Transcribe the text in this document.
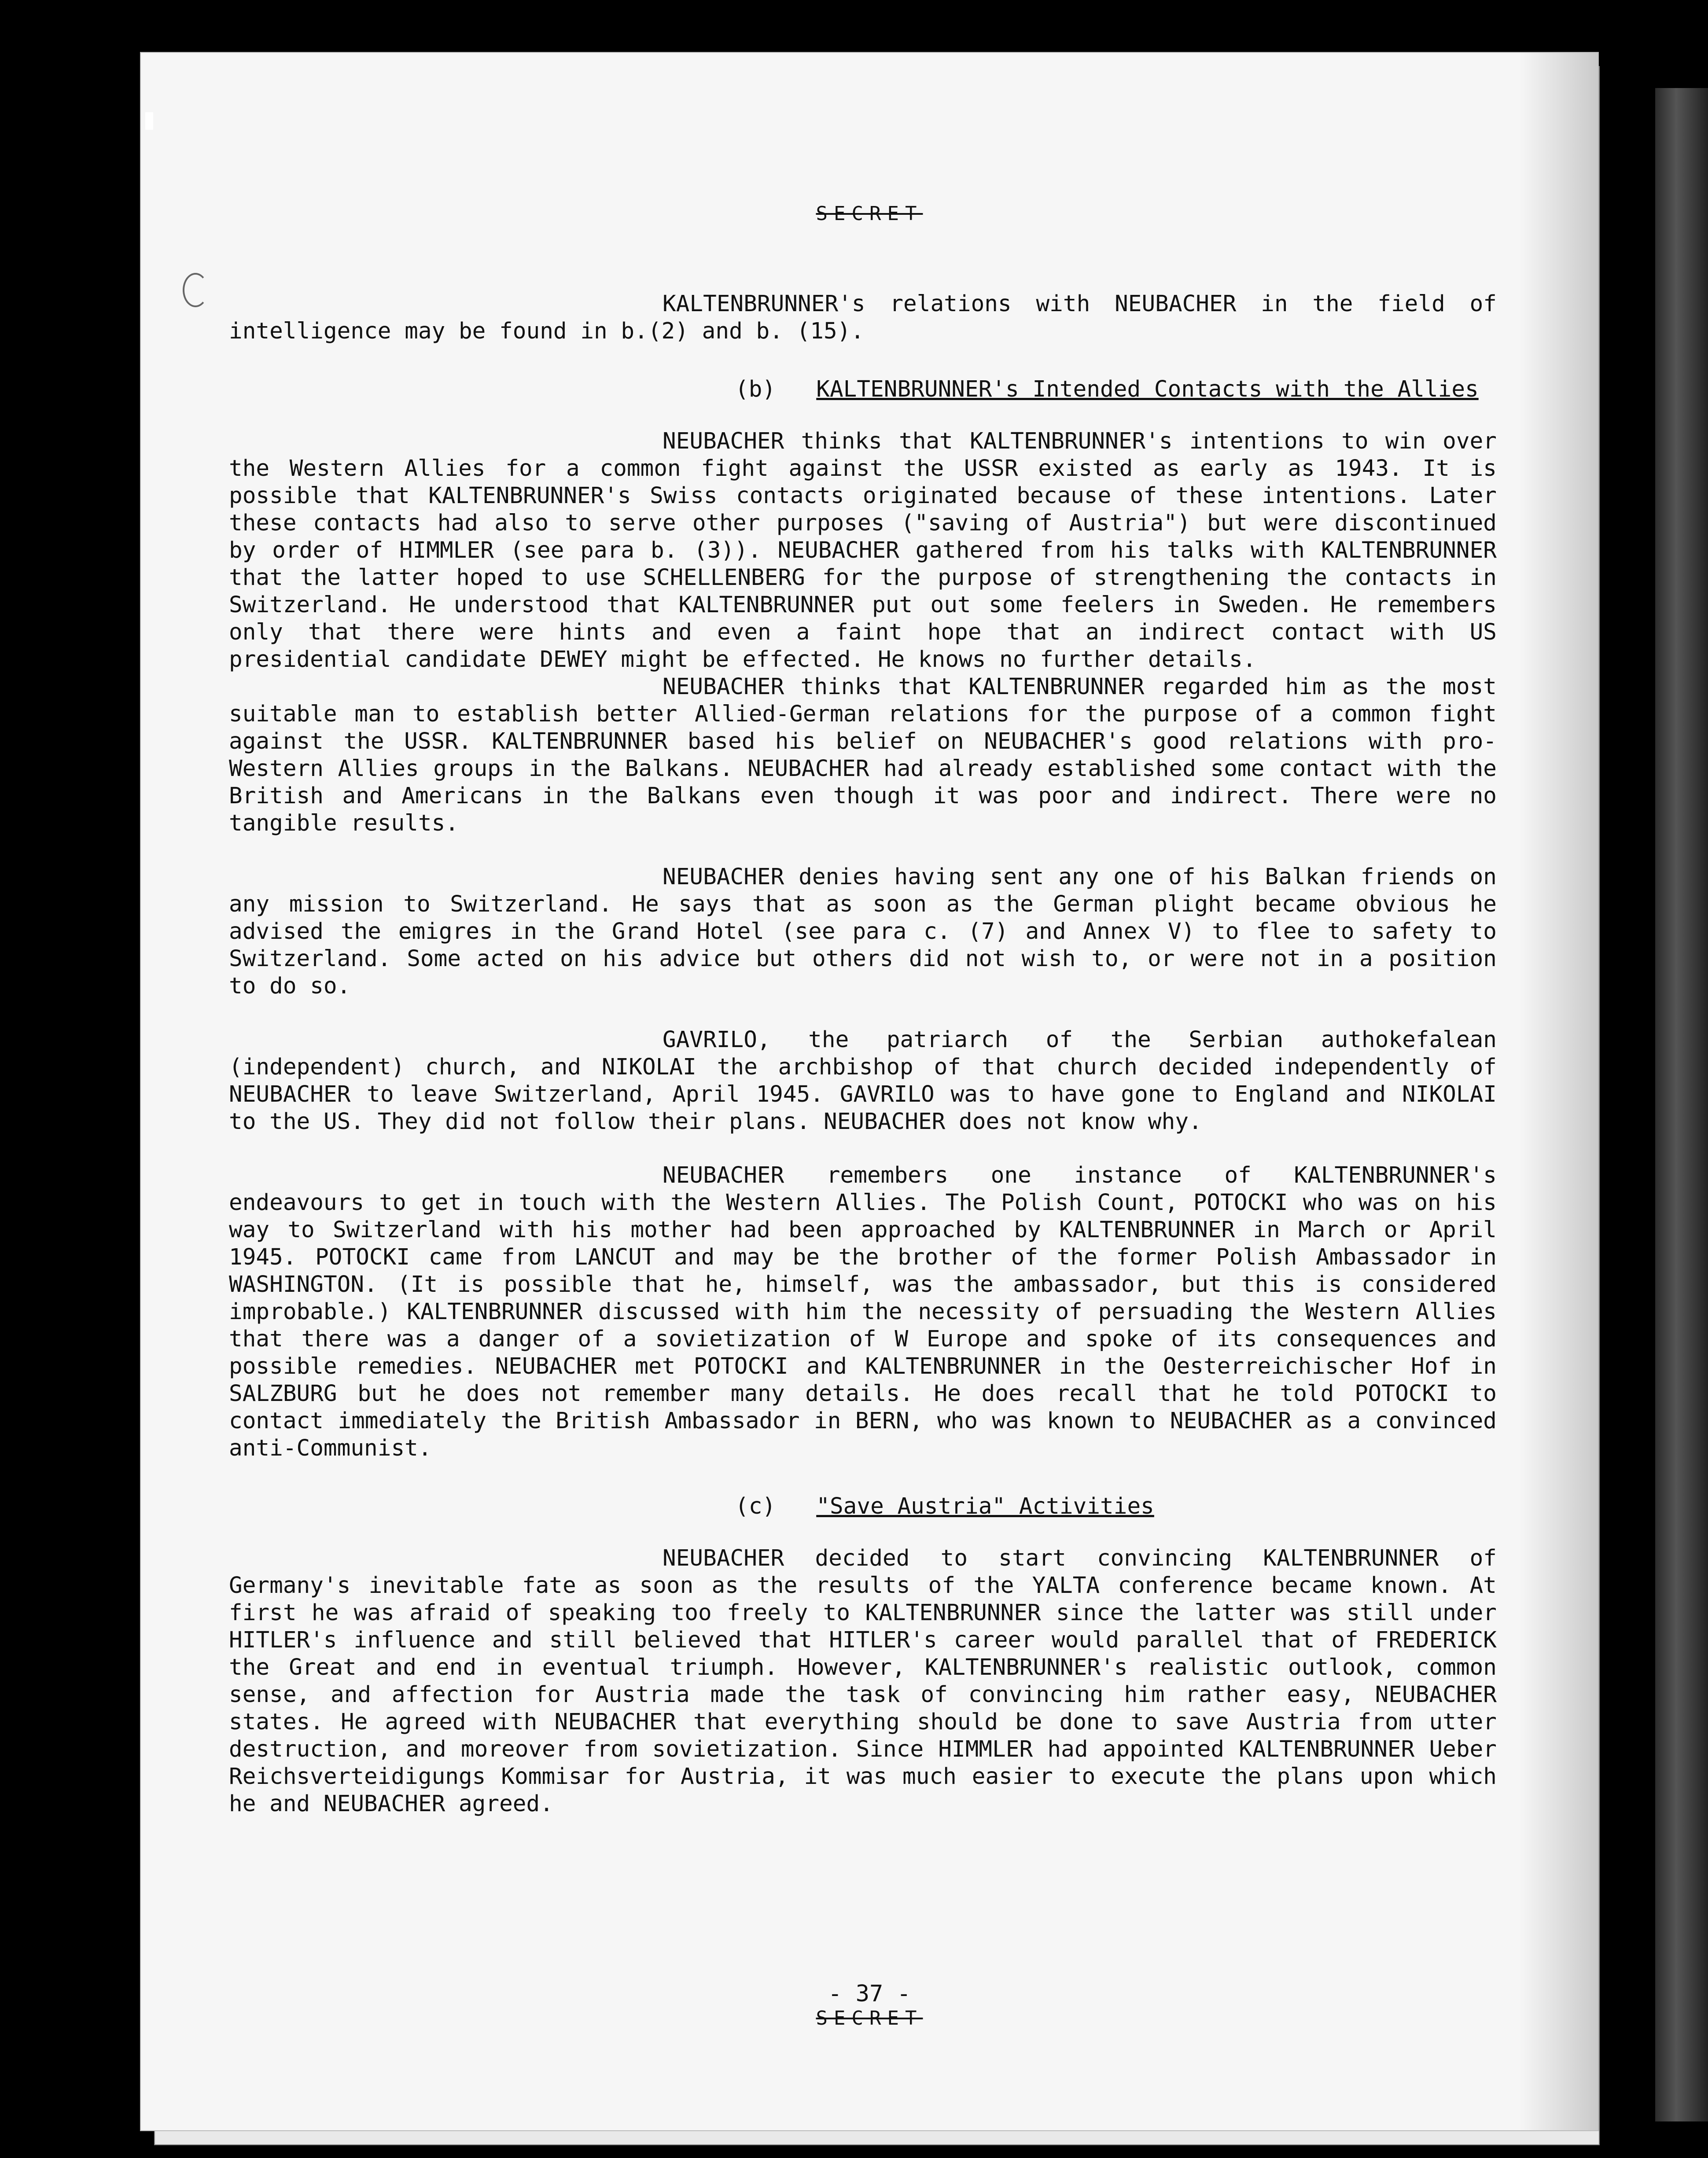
SECRET

KALTENBRUNNER's relations with NEUBACHER in the field of intelligence may be found in b.(2) and b. (15).

(b) KALTENBRUNNER's Intended Contacts with the Allies

NEUBACHER thinks that KALTENBRUNNER's intentions to win over the Western Allies for a common fight against the USSR existed as early as 1943. It is possible that KALTENBRUNNER's Swiss contacts originated because of these intentions. Later these contacts had also to serve other purposes ("saving of Austria") but were discontinued by order of HIMMLER (see para b. (3)). NEUBACHER gathered from his talks with KALTENBRUNNER that the latter hoped to use SCHELLENBERG for the purpose of strengthening the contacts in Switzerland. He understood that KALTENBRUNNER put out some feelers in Sweden. He remembers only that there were hints and even a faint hope that an indirect contact with US presidential candidate DEWEY might be effected. He knows no further details.

NEUBACHER thinks that KALTENBRUNNER regarded him as the most suitable man to establish better Allied-German relations for the purpose of a common fight against the USSR. KALTENBRUNNER based his belief on NEUBACHER's good relations with pro-Western Allies groups in the Balkans. NEUBACHER had already established some contact with the British and Americans in the Balkans even though it was poor and indirect. There were no tangible results.

NEUBACHER denies having sent any one of his Balkan friends on any mission to Switzerland. He says that as soon as the German plight became obvious he advised the emigres in the Grand Hotel (see para c. (7) and Annex V) to flee to safety to Switzerland. Some acted on his advice but others did not wish to, or were not in a position to do so.

GAVRILO, the patriarch of the Serbian authokefalean (independent) church, and NIKOLAI the archbishop of that church decided independently of NEUBACHER to leave Switzerland, April 1945. GAVRILO was to have gone to England and NIKOLAI to the US. They did not follow their plans. NEUBACHER does not know why.

NEUBACHER remembers one instance of KALTENBRUNNER's endeavours to get in touch with the Western Allies. The Polish Count, POTOCKI who was on his way to Switzerland with his mother had been approached by KALTENBRUNNER in March or April 1945. POTOCKI came from LANCUT and may be the brother of the former Polish Ambassador in WASHINGTON. (It is possible that he, himself, was the ambassador, but this is considered improbable.) KALTENBRUNNER discussed with him the necessity of persuading the Western Allies that there was a danger of a sovietization of W Europe and spoke of its consequences and possible remedies. NEUBACHER met POTOCKI and KALTENBRUNNER in the Oesterreichischer Hof in SALZBURG but he does not remember many details. He does recall that he told POTOCKI to contact immediately the British Ambassador in BERN, who was known to NEUBACHER as a convinced anti-Communist.

(c) "Save Austria" Activities

NEUBACHER decided to start convincing KALTENBRUNNER of Germany's inevitable fate as soon as the results of the YALTA conference became known. At first he was afraid of speaking too freely to KALTENBRUNNER since the latter was still under HITLER's influence and still believed that HITLER's career would parallel that of FREDERICK the Great and end in eventual triumph. However, KALTENBRUNNER's realistic outlook, common sense, and affection for Austria made the task of convincing him rather easy, NEUBACHER states. He agreed with NEUBACHER that everything should be done to save Austria from utter destruction, and moreover from sovietization. Since HIMMLER had appointed KALTENBRUNNER Ueber Reichsverteidigungs Kommisar for Austria, it was much easier to execute the plans upon which he and NEUBACHER agreed.

- 37 -
SECRET
